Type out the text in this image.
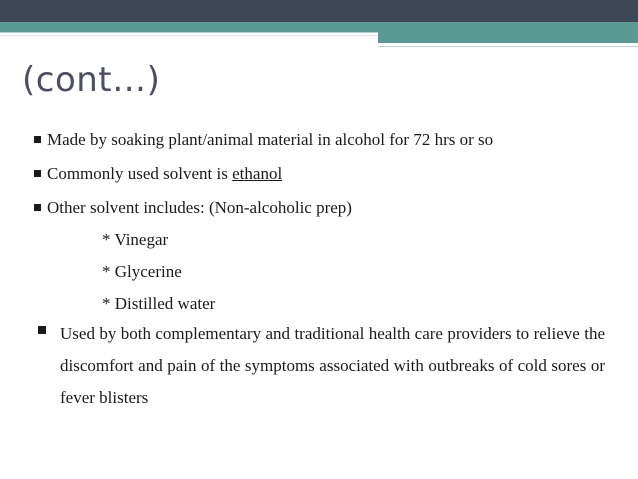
(cont…)
Made by soaking plant/animal material in alcohol for 72 hrs or so
Commonly used solvent is ethanol
Other solvent includes: (Non-alcoholic prep)
* Vinegar
* Glycerine
* Distilled water
Used by both complementary and traditional health care providers to relieve the discomfort and pain of the symptoms associated with outbreaks of cold sores or fever blisters
